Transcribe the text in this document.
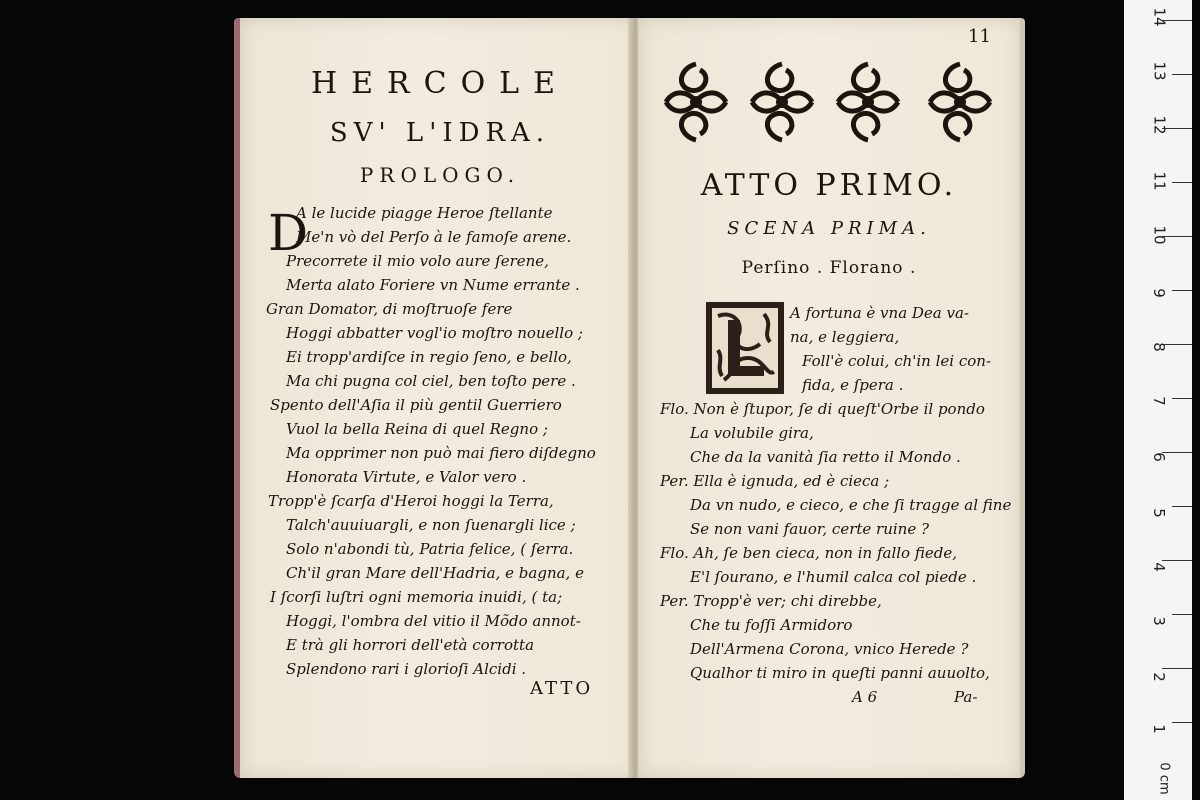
HERCOLE
SV' L'IDRA.
PROLOGO.
D
A le lucide piagge Heroe ſtellante
Me'n vò del Perſo à le famoſe arene.
Precorrete il mio volo aure ſerene,
Merta alato Foriere vn Nume errante .
Gran Domator, di moſtruoſe fere
Hoggi abbatter vogl'io moſtro nouello ;
Ei tropp'ardiſce in regio ſeno, e bello,
Ma chi pugna col ciel, ben toſto pere .
Spento dell'Aſia il più gentil Guerriero
Vuol la bella Reina di quel Regno ;
Ma opprimer non può mai fiero diſdegno
Honorata Virtute, e Valor vero .
Tropp'è ſcarſa d'Heroi hoggi la Terra,
Talch'auuiuargli, e non ſuenargli lice ;
Solo n'abondi tù, Patria felice, ( ſerra.
Ch'il gran Mare dell'Hadria, e bagna, e
I ſcorſi luſtri ogni memoria inuidi, ( ta;
Hoggi, l'ombra del vitio il Mõdo annot-
E trà gli horrori dell'età corrotta
Splendono rari i glorioſi Alcidi .
ATTO
11
ATTO PRIMO.
SCENA PRIMA.
Perſino . Florano .
A fortuna è vna Dea va-
na, e leggiera,
Foll'è colui, ch'in lei con-
fida, e ſpera .
Flo. Non è ſtupor, ſe di queſt'Orbe il pondo
La volubile gira,
Che da la vanità ſia retto il Mondo .
Per. Ella è ignuda, ed è cieca ;
Da vn nudo, e cieco, e che ſi tragge al fine
Se non vani fauor, certe ruine ?
Flo. Ah, ſe ben cieca, non in fallo fiede,
E'l ſourano, e l'humil calca col piede .
Per. Tropp'è ver; chi direbbe,
Che tu foſſi Armidoro
Dell'Armena Corona, vnico Herede ?
Qualhor ti miro in queſti panni auuolto,
A 6	Pa-
1
2
3
4
5
6
7
8
9
10
11
12
13
14
0 cm
